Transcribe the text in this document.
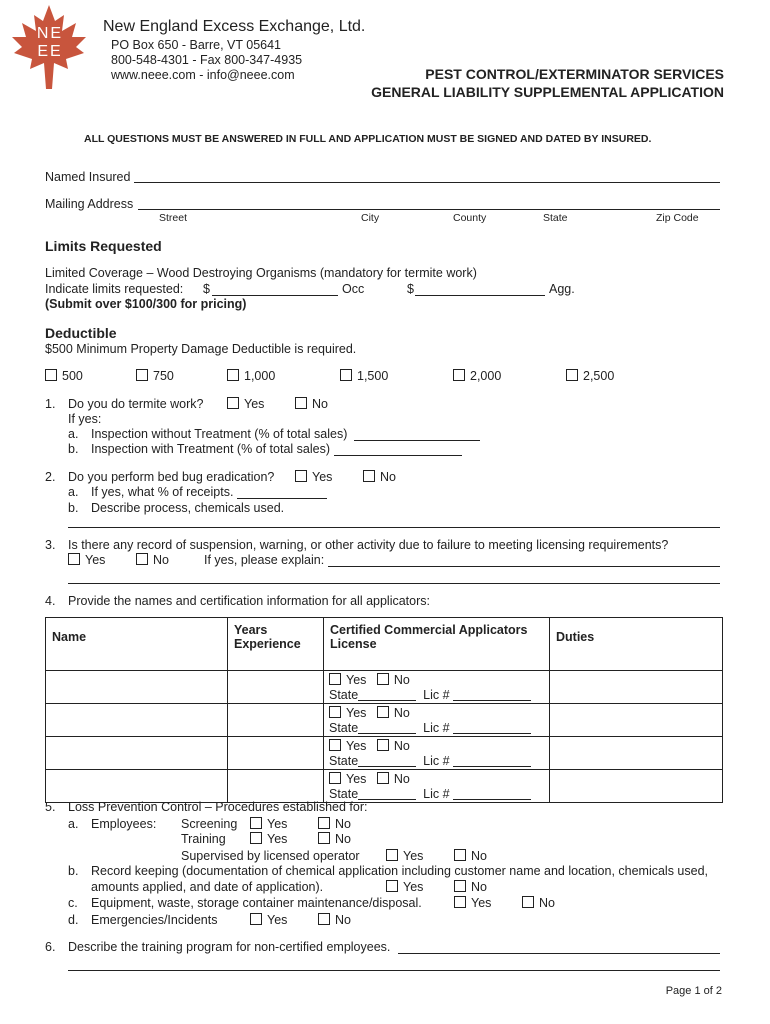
NE EE
New England Excess Exchange, Ltd.
PO Box 650 - Barre, VT 05641
800-548-4301 - Fax 800-347-4935
www.neee.com - info@neee.com	PEST CONTROL/EXTERMINATOR SERVICES
GENERAL LIABILITY SUPPLEMENTAL APPLICATION
ALL QUESTIONS MUST BE ANSWERED IN FULL AND APPLICATION MUST BE SIGNED AND DATED BY INSURED.
Named Insured
Mailing Address
Street	City	County	State	Zip Code
Limits Requested
Limited Coverage – Wood Destroying Organisms (mandatory for termite work)
Indicate limits requested: $	Occ	$	Agg.
(Submit over $100/300 for pricing)
Deductible
$500 Minimum Property Damage Deductible is required.
500	750	1,000	1,500	2,000	2,500
1. Do you do termite work?	Yes	No
If yes:
a. Inspection without Treatment (% of total sales)
b. Inspection with Treatment (% of total sales)
2. Do you perform bed bug eradication?	Yes	No
a. If yes, what % of receipts.
b. Describe process, chemicals used.
3. Is there any record of suspension, warning, or other activity due to failure to meeting licensing requirements?
Yes	No	If yes, please explain:
4. Provide the names and certification information for all applicators:
Name	Years Experience	Certified Commercial Applicators License	Duties

		Yes No
State Lic #	

		Yes No
State Lic #	

		Yes No
State Lic #	

		Yes No
State Lic #	

5. Loss Prevention Control – Procedures established for:
a. Employees: Screening	Yes	No
Training	Yes	No
Supervised by licensed operator	Yes	No
b. Record keeping (documentation of chemical application including customer name and location, chemicals used,
amounts applied, and date of application).	Yes	No
c. Equipment, waste, storage container maintenance/disposal.	Yes	No
d. Emergencies/Incidents	Yes	No
6. Describe the training program for non-certified employees.
Page 1 of 2
